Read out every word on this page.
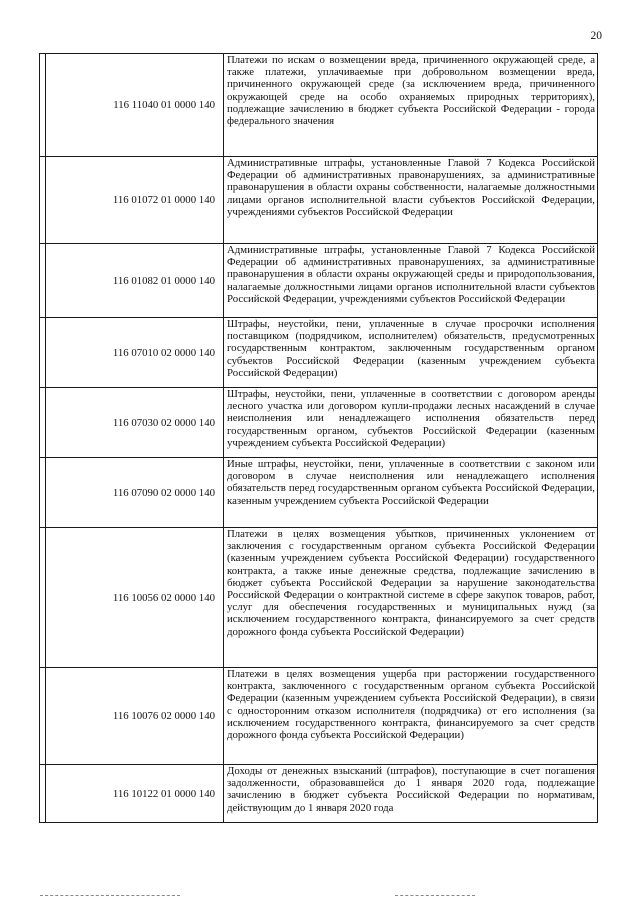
20
	116 11040 01 0000 140	Платежи по искам о возмещении вреда, причиненного окружающей среде, а также платежи, уплачиваемые при добровольном возмещении вреда, причиненного окружающей среде (за исключением вреда, причиненного окружающей среде на особо охраняемых природных территориях), подлежащие зачислению в бюджет субъекта Российской Федерации - города федерального значения
	116 01072 01 0000 140	Административные штрафы, установленные Главой 7 Кодекса Российской Федерации об административных правонарушениях, за административные правонарушения в области охраны собственности, налагаемые должностными лицами органов исполнительной власти субъектов Российской Федерации, учреждениями субъектов Российской Федерации
	116 01082 01 0000 140	Административные штрафы, установленные Главой 7 Кодекса Российской Федерации об административных правонарушениях, за административные правонарушения в области охраны окружающей среды и природопользования, налагаемые должностными лицами органов исполнительной власти субъектов Российской Федерации, учреждениями субъектов Российской Федерации
	116 07010 02 0000 140	Штрафы, неустойки, пени, уплаченные в случае просрочки исполнения поставщиком (подрядчиком, исполнителем) обязательств, предусмотренных государственным контрактом, заключенным государственным органом субъектов Российской Федерации (казенным учреждением субъекта Российской Федерации)
	116 07030 02 0000 140	Штрафы, неустойки, пени, уплаченные в соответствии с договором аренды лесного участка или договором купли-продажи лесных насаждений в случае неисполнения или ненадлежащего исполнения обязательств перед государственным органом, субъектов Российской Федерации (казенным учреждением субъекта Российской Федерации)
	116 07090 02 0000 140	Иные штрафы, неустойки, пени, уплаченные в соответствии с законом или договором в случае неисполнения или ненадлежащего исполнения обязательств перед государственным органом субъекта Российской Федерации, казенным учреждением субъекта Российской Федерации
	116 10056 02 0000 140	Платежи в целях возмещения убытков, причиненных уклонением от заключения с государственным органом субъекта Российской Федерации (казенным учреждением субъекта Российской Федерации) государственного контракта, а также иные денежные средства, подлежащие зачислению в бюджет субъекта Российской Федерации за нарушение законодательства Российской Федерации о контрактной системе в сфере закупок товаров, работ, услуг для обеспечения государственных и муниципальных нужд (за исключением государственного контракта, финансируемого за счет средств дорожного фонда субъекта Российской Федерации)
	116 10076 02 0000 140	Платежи в целях возмещения ущерба при расторжении государственного контракта, заключенного с государственным органом субъекта Российской Федерации (казенным учреждением субъекта Российской Федерации), в связи с односторонним отказом исполнителя (подрядчика) от его исполнения (за исключением государственного контракта, финансируемого за счет средств дорожного фонда субъекта Российской Федерации)
	116 10122 01 0000 140	Доходы от денежных взысканий (штрафов), поступающие в счет погашения задолженности, образовавшейся до 1 января 2020 года, подлежащие зачислению в бюджет субъекта Российской Федерации по нормативам, действующим до 1 января 2020 года
